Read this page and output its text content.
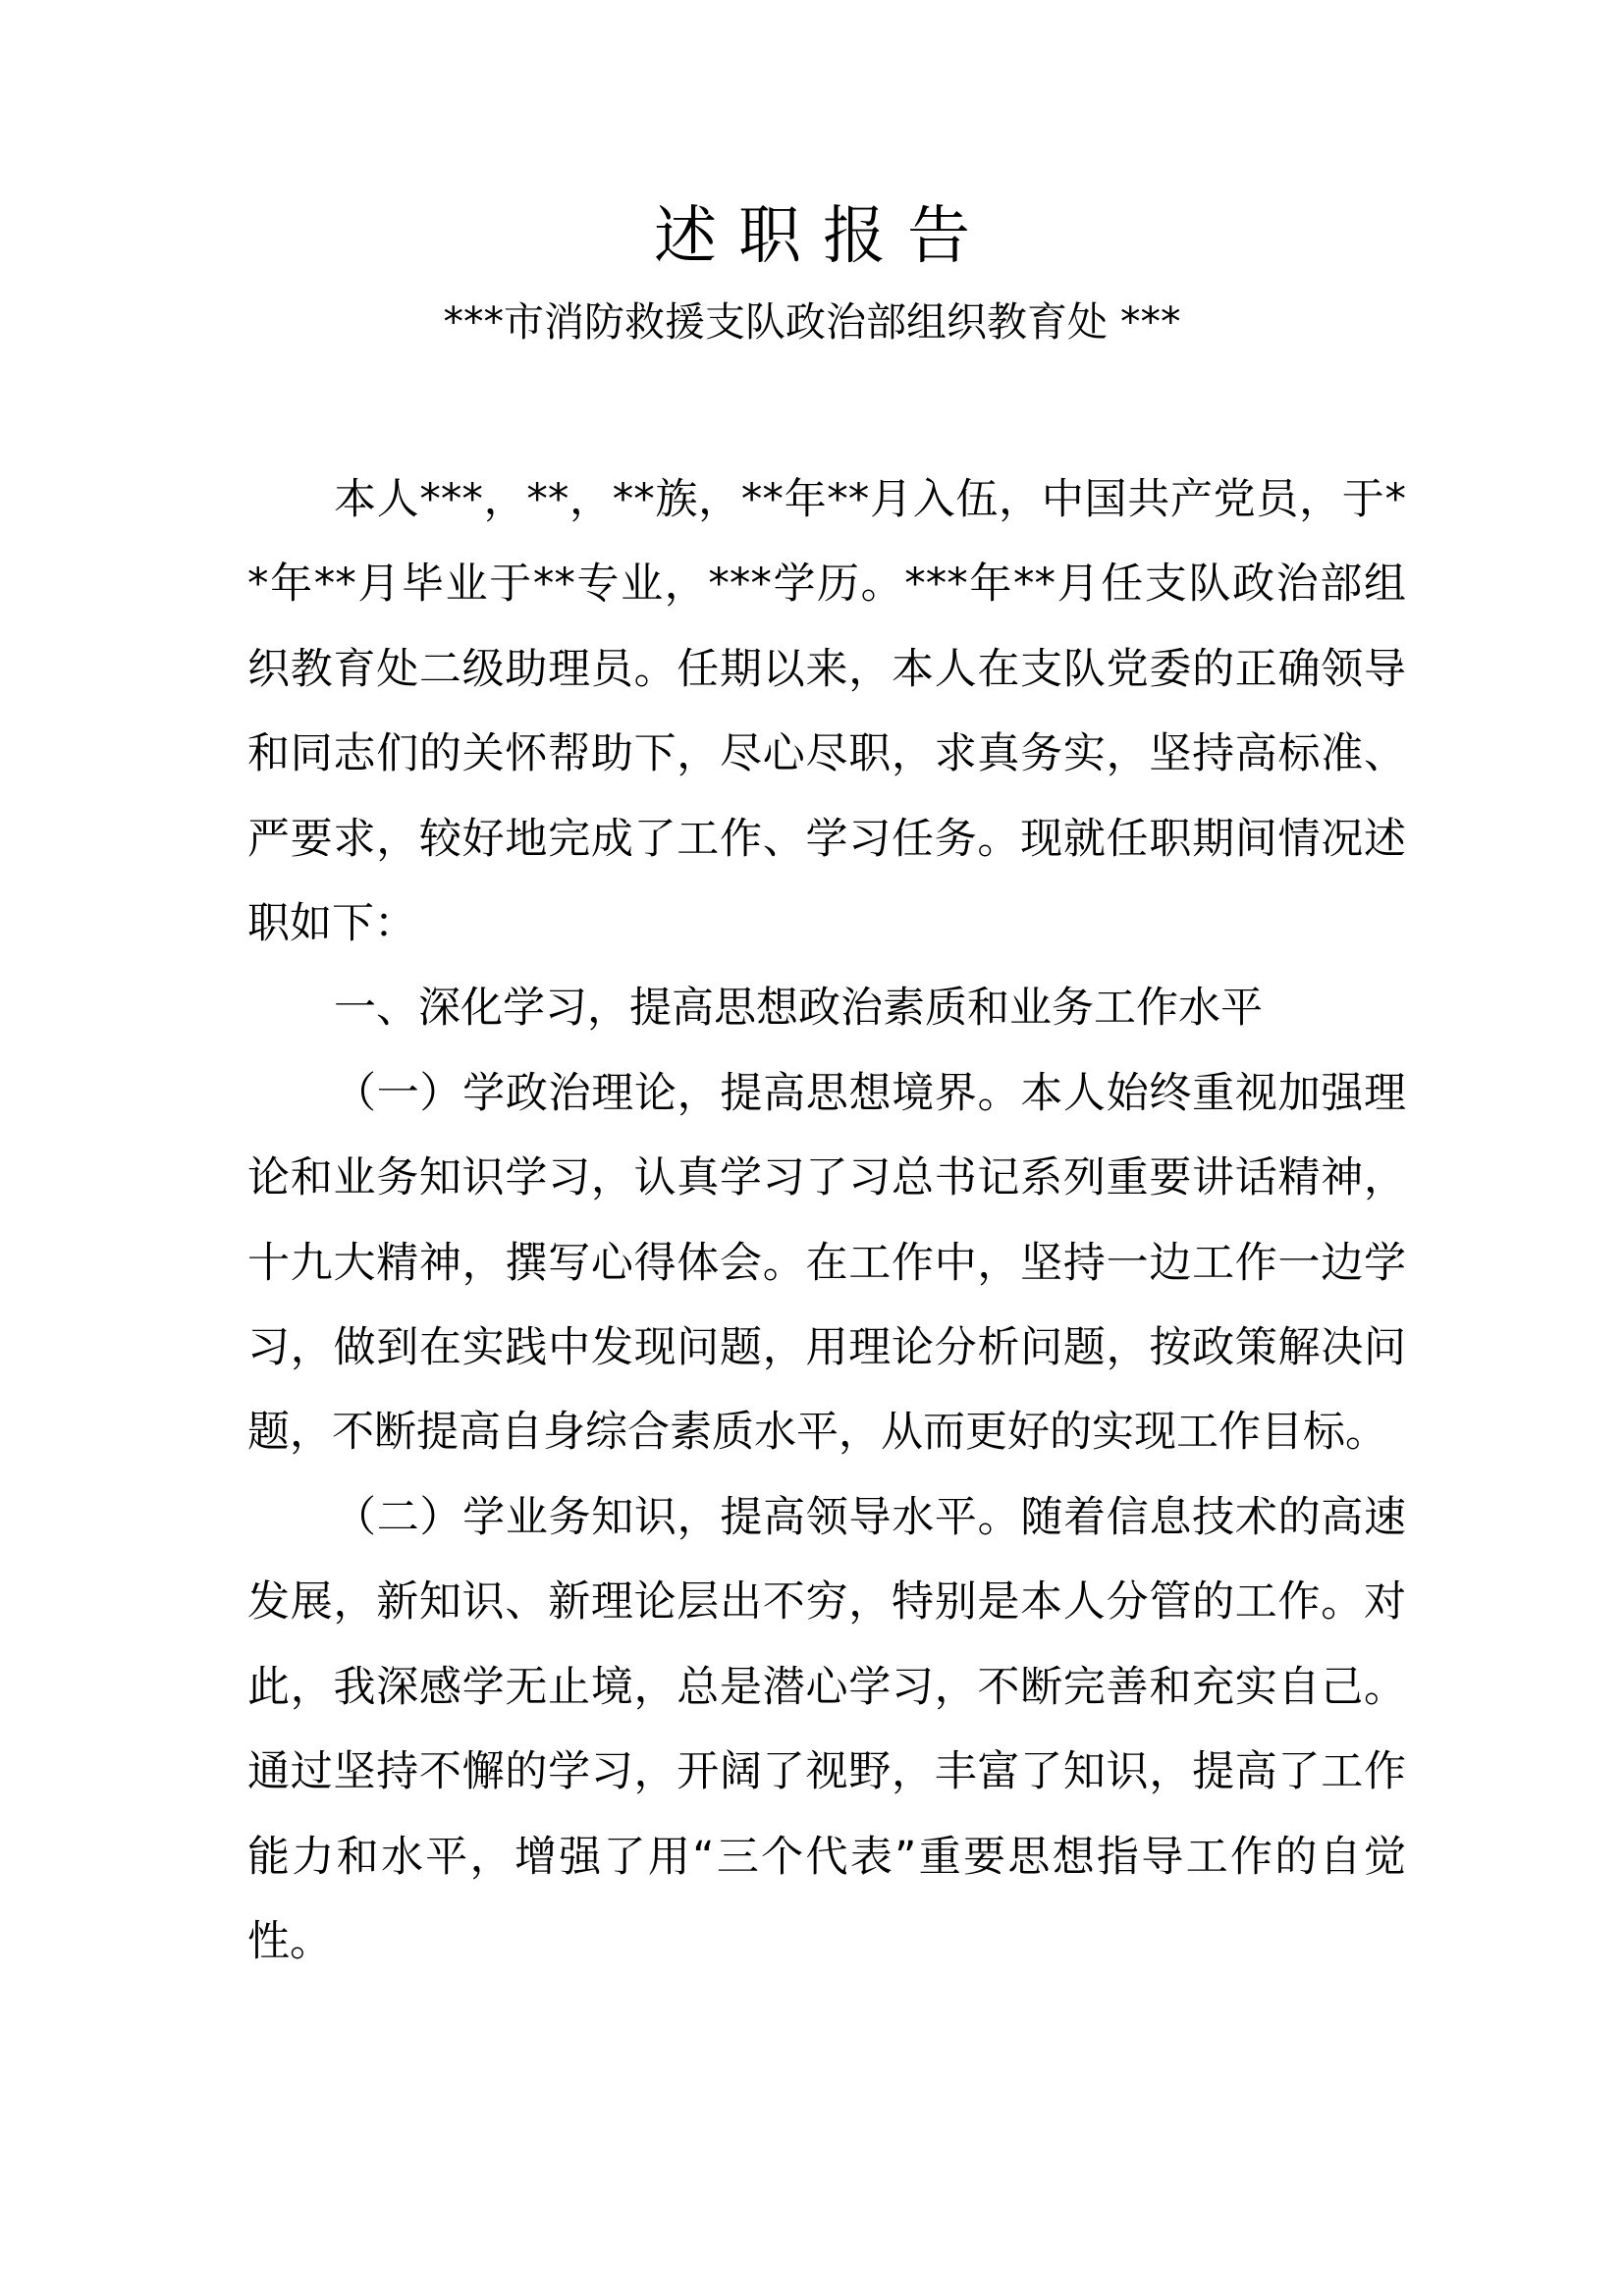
述职报告
***市消防救援支队政治部组织教育处 ***

本人***，**，**族，**年**月入伍，中国共产党员，于**年**月毕业于**专业，***学历。***年**月任支队政治部组织教育处二级助理员。任期以来，本人在支队党委的正确领导和同志们的关怀帮助下，尽心尽职，求真务实，坚持高标准、严要求，较好地完成了工作、学习任务。现就任职期间情况述职如下：

一、深化学习，提高思想政治素质和业务工作水平

（一）学政治理论，提高思想境界。本人始终重视加强理论和业务知识学习，认真学习了习总书记系列重要讲话精神，十九大精神，撰写心得体会。在工作中，坚持一边工作一边学习，做到在实践中发现问题，用理论分析问题，按政策解决问题，不断提高自身综合素质水平，从而更好的实现工作目标。

（二）学业务知识，提高领导水平。随着信息技术的高速发展，新知识、新理论层出不穷，特别是本人分管的工作。对此，我深感学无止境，总是潜心学习，不断完善和充实自己。通过坚持不懈的学习，开阔了视野，丰富了知识，提高了工作能力和水平，增强了用“三个代表”重要思想指导工作的自觉性。
